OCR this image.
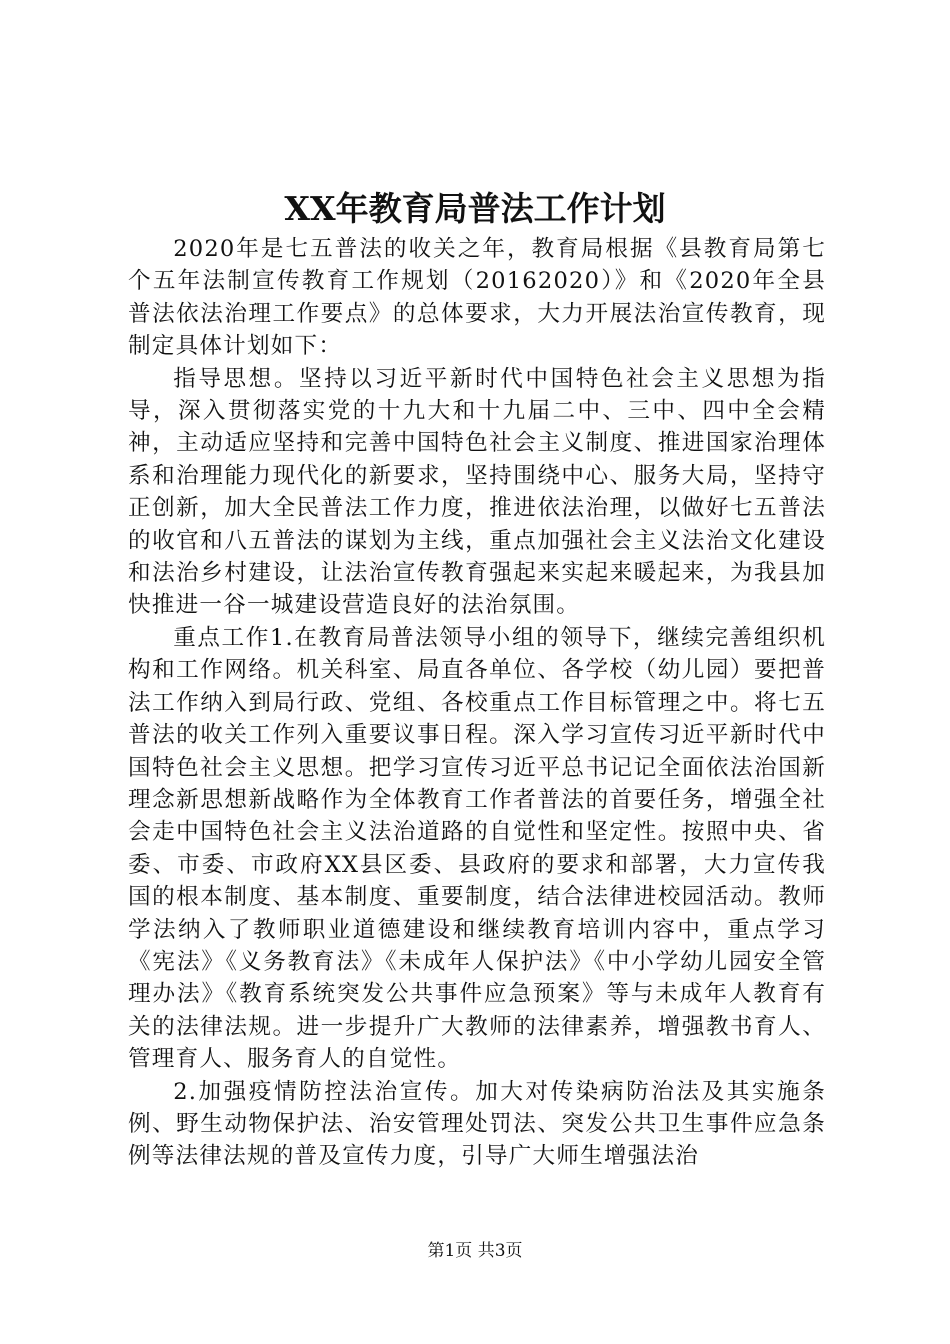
XX年教育局普法工作计划

2020年是七五普法的收关之年，教育局根据《县教育局第七个五年法制宣传教育工作规划（20162020）》和《2020年全县普法依法治理工作要点》的总体要求，大力开展法治宣传教育，现制定具体计划如下：

指导思想。坚持以习近平新时代中国特色社会主义思想为指导，深入贯彻落实党的十九大和十九届二中、三中、四中全会精神，主动适应坚持和完善中国特色社会主义制度、推进国家治理体系和治理能力现代化的新要求，坚持围绕中心、服务大局，坚持守正创新，加大全民普法工作力度，推进依法治理，以做好七五普法的收官和八五普法的谋划为主线，重点加强社会主义法治文化建设和法治乡村建设，让法治宣传教育强起来实起来暖起来，为我县加快推进一谷一城建设营造良好的法治氛围。

重点工作1.在教育局普法领导小组的领导下，继续完善组织机构和工作网络。机关科室、局直各单位、各学校（幼儿园）要把普法工作纳入到局行政、党组、各校重点工作目标管理之中。将七五普法的收关工作列入重要议事日程。深入学习宣传习近平新时代中国特色社会主义思想。把学习宣传习近平总书记记全面依法治国新理念新思想新战略作为全体教育工作者普法的首要任务，增强全社会走中国特色社会主义法治道路的自觉性和坚定性。按照中央、省委、市委、市政府XX县区委、县政府的要求和部署，大力宣传我国的根本制度、基本制度、重要制度，结合法律进校园活动。教师学法纳入了教师职业道德建设和继续教育培训内容中，重点学习《宪法》《义务教育法》《未成年人保护法》《中小学幼儿园安全管理办法》《教育系统突发公共事件应急预案》等与未成年人教育有关的法律法规。进一步提升广大教师的法律素养，增强教书育人、管理育人、服务育人的自觉性。

2.加强疫情防控法治宣传。加大对传染病防治法及其实施条例、野生动物保护法、治安管理处罚法、突发公共卫生事件应急条例等法律法规的普及宣传力度，引导广大师生增强法治

第1页 共3页
